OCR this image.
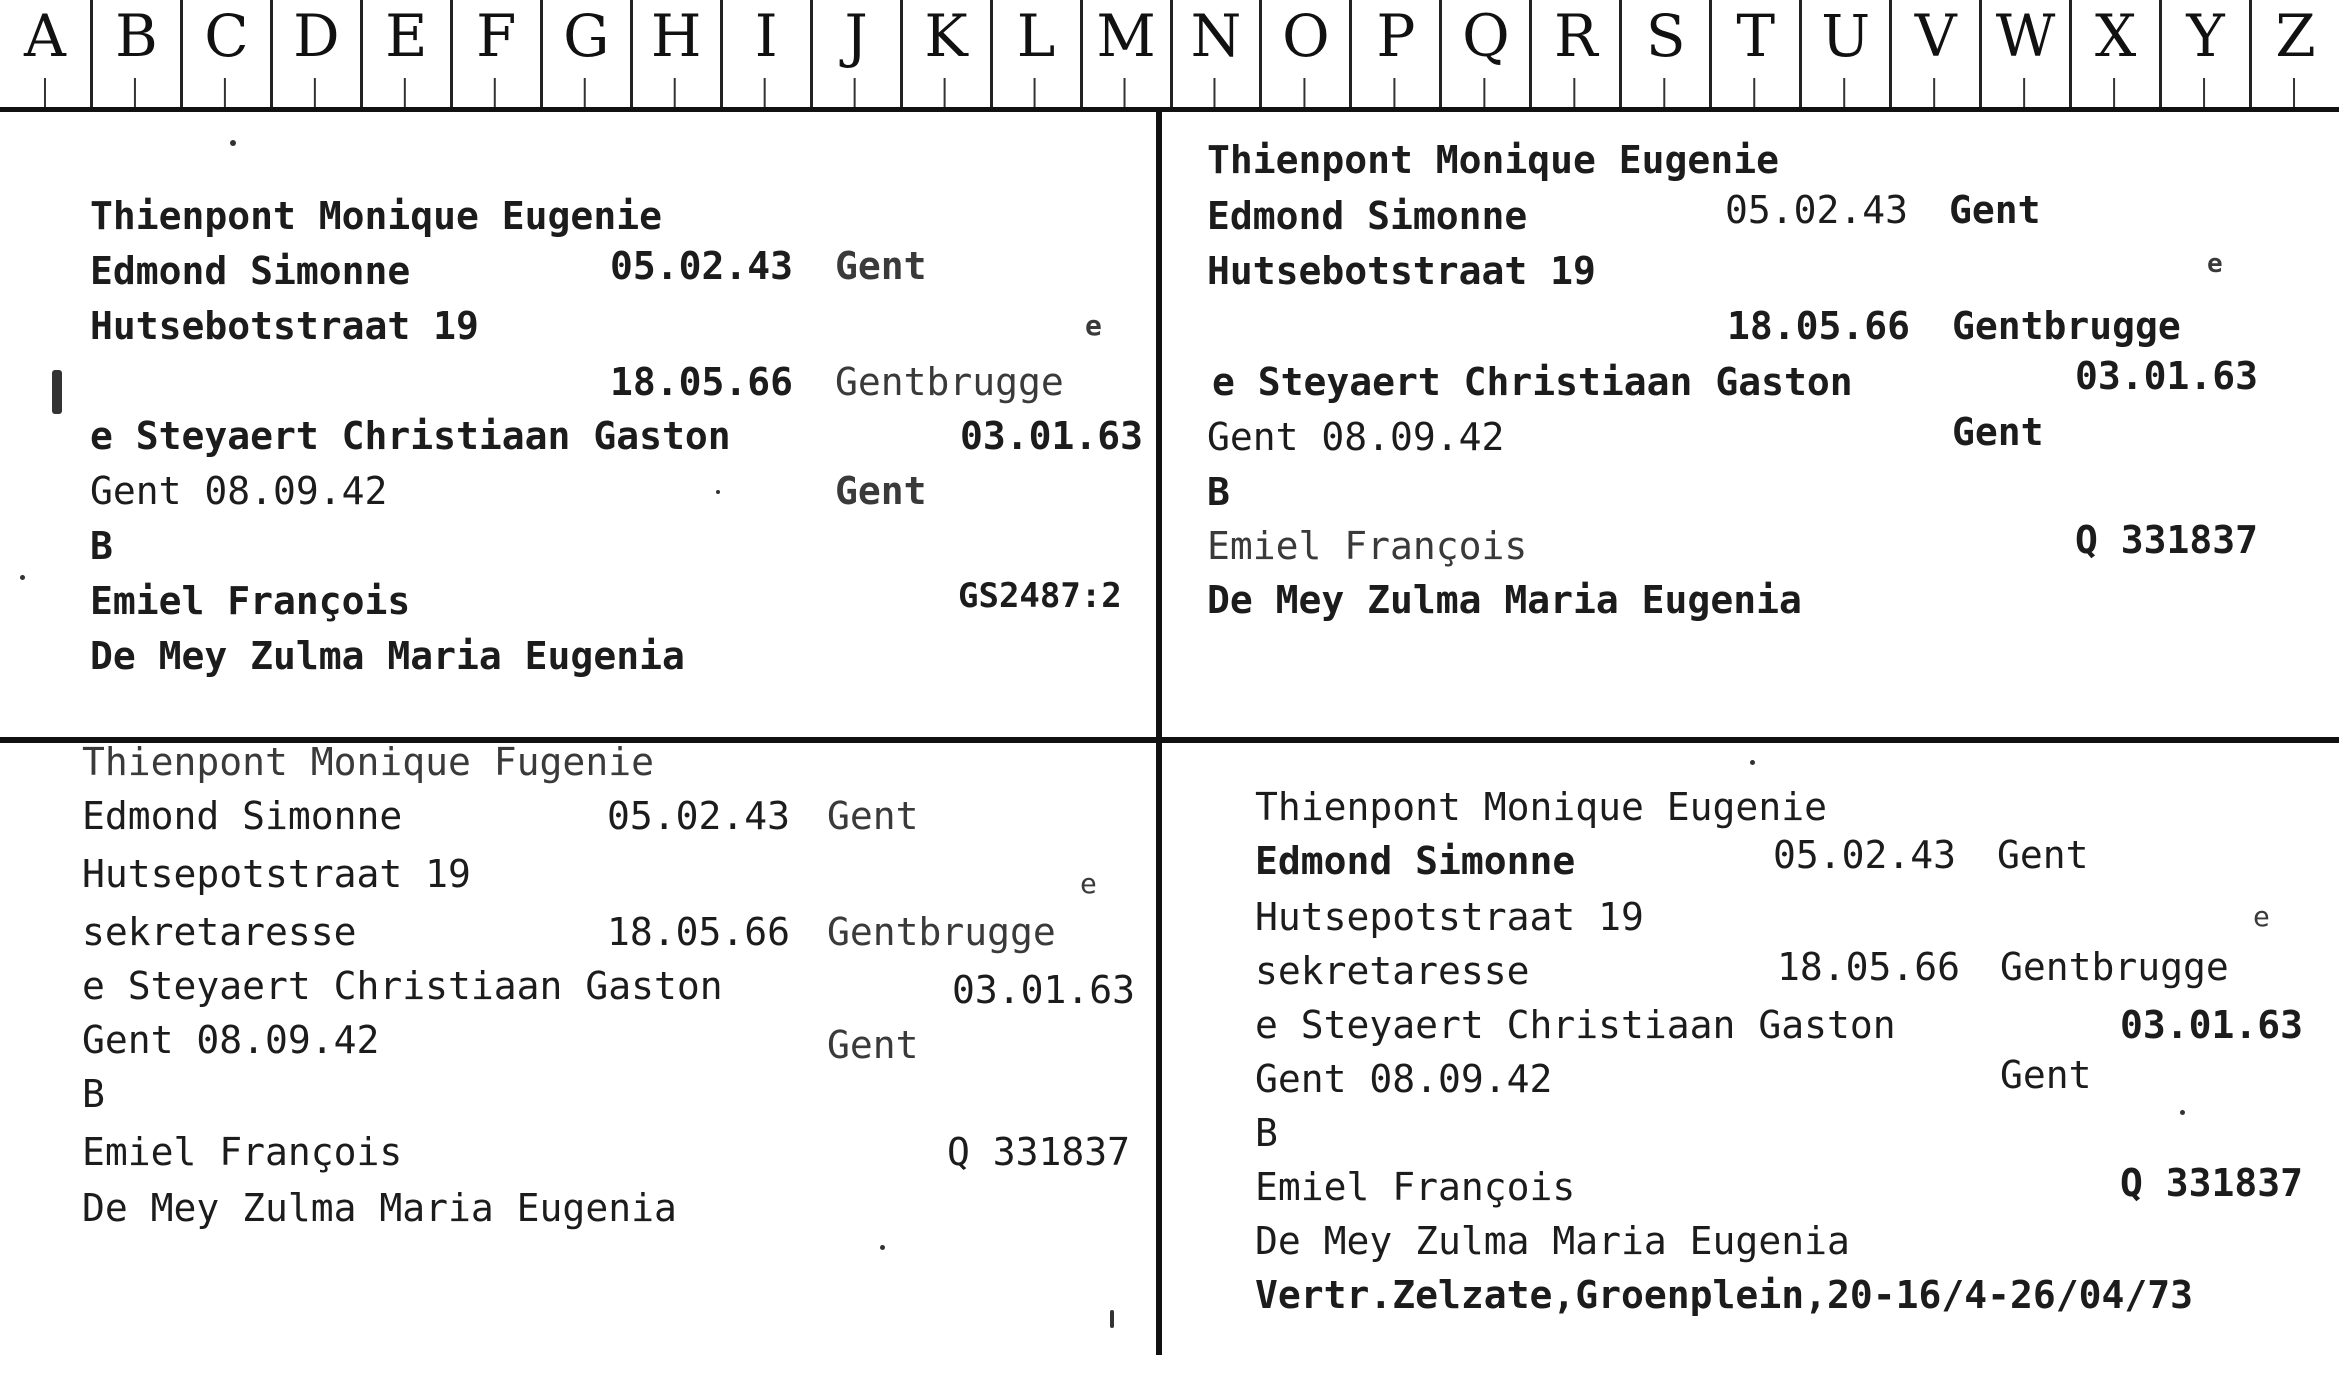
A B C D E F G H I	J K L M N O P Q R S T U V W X Y Z
Thienpont Monique Eugenie
Edmond Simonne	05.02.43 Gent
Hutsebotstraat 19	e
18.05.66 Gentbrugge
e Steyaert Christiaan Gaston	03.01.63
Gent 08.09.42	Gent
B
Emiel François	GS2487:2
De Mey Zulma Maria Eugenia
Thienpont Monique Eugenie
Edmond Simonne	05.02.43 Gent
Hutsebotstraat 19	e
18.05.66 Gentbrugge
e Steyaert Christiaan Gaston	03.01.63
Gent 08.09.42	Gent
B
Emiel François	Q 331837
De Mey Zulma Maria Eugenia
Thienpont Monique Fugenie
Edmond Simonne	05.02.43 Gent
Hutsepotstraat 19	e
sekretaresse	18.05.66 Gentbrugge
e Steyaert Christiaan Gaston	03.01.63
Gent 08.09.42	Gent
B
Emiel François	Q 331837
De Mey Zulma Maria Eugenia
Thienpont Monique Eugenie
Edmond Simonne	05.02.43 Gent
Hutsepotstraat 19	e
sekretaresse	18.05.66 Gentbrugge
e Steyaert Christiaan Gaston	03.01.63
Gent 08.09.42	Gent
B
Emiel François	Q 331837
De Mey Zulma Maria Eugenia
Vertr.Zelzate,Groenplein,20-16/4-26/04/73
